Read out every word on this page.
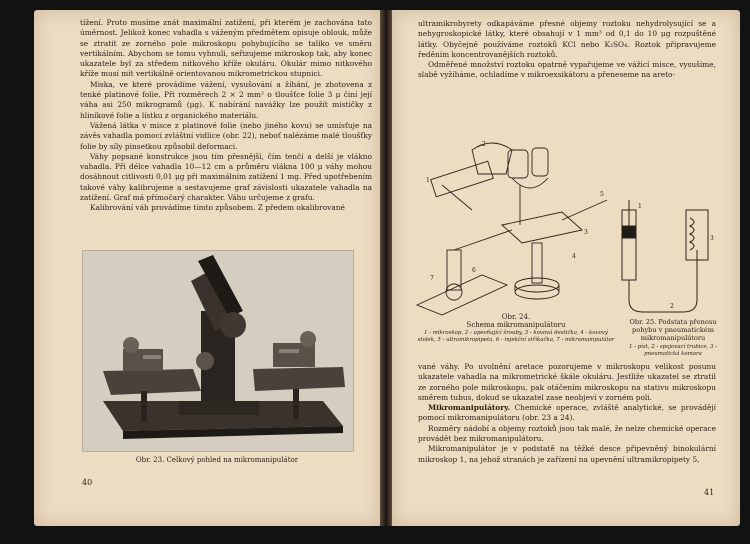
tížení. Proto musíme znát maximální zatížení, při kterém je zachována tato úměrnost. Jelikož konec vahadla s váženým předmětem opisuje oblouk, může se ztratit ze zorného pole mikroskopu pohybujícího se taliko ve směru vertikálním. Abychom se tomu vyhnuli, seřizujeme mikroskop tak, aby konec ukazatele byl za středem nitkového kříže okuláru. Okulár mimo nitkového kříže musí mít vertikálně orientovanou mikrometrickou stupnici.

Miska, ve které provádíme vážení, vysušování a žíhání, je zhotovena z tenké platinové folie. Při rozměrech 2 × 2 mm² o tloušťce folie 3 μ činí její váha asi 250 mikrogramů (μg). K nabírání navážky lze použít mističky z hliníkové folie a lístku z organického materiálu.

Vážená látka v misce z platinové folie (nebo jiného kovu) se umísťuje na závěs vahadla pomocí zvláštní vidlice (obr. 22), neboť nalézáme malé tloušťky folie by síly pinsetkou způsobil deformaci.

Váhy popsané konstrukce jsou tím přesnější, čím tenčí a delší je vlákno vahadla. Při délce vahadla 10—12 cm a průměru vlákna 100 μ váhy mohou dosáhnout citlivosti 0,01 μg při maximálním zatížení 1 mg. Před upotřebením takové váhy kalibrujeme a sestavujeme graf závislosti ukazatele vahadla na zatížení. Graf má přímočarý charakter. Váhu určujeme z grafu.

Kalibrování váh provádíme tímto způsobem. Z předem okalibrované

Obr. 23. Celkový pohled na mikromanipulátor
40

ultramikrobyrety odkapáváme přesné objemy roztoku nehydrolysující se a nehygroskopické látky, které obsahují v 1 mm³ od 0,1 do 10 μg rozpuštěné látky. Obyčejně používáme roztoků KCl nebo K₂SO₄. Roztok připravujeme ředěním koncentrovanějších roztoků.

Odměřené množství roztoku opatrně vypařujeme ve vážicí misce, vysušíme, slabě vyžíháme, ochladíme v mikroexsikátoru a přeneseme na areto-

1
2
3
4
5
6
7
1
2
3
Obr. 24.
Schema mikromanipulátoru
1 - mikroskop, 2 - upevňující šrouby, 3 - kovová destička, 4 - kovový stolek, 5 - ultramikropipeta, 6 - injekční stříkačka, 7 - mikromanipulátor
Obr. 25. Podstata přenosu pohybu v pneumatickém mikromanipulátoru
1 - píst, 2 - spojovací trubice, 3 - pneumatická komora

vané váhy. Po uvolnění aretace pozorujeme v mikroskopu velikost posunu ukazatele vahadla na mikrometrické škále okuláru. Jestliže ukazatel se ztratil ze zorného pole mikroskopu, pak otáčením mikroskopu na stativu mikroskopu směrem tubus, dokud se ukazatel zase neobjeví v zorném poli.

Mikromanipulátory. Chemické operace, zvláště analytické, se provádějí pomocí mikromanipulátoru (obr. 23 a 24).

Rozměry nádobí a objemy roztoků jsou tak malé, že nelze chemické operace provádět bez mikromanipulátoru.

Mikromanipulátor je v podstatě na těžké desce připevněný binokulární mikroskop 1, na jehož stranách je zařízení na upevnění ultramikropipety 5,

41
